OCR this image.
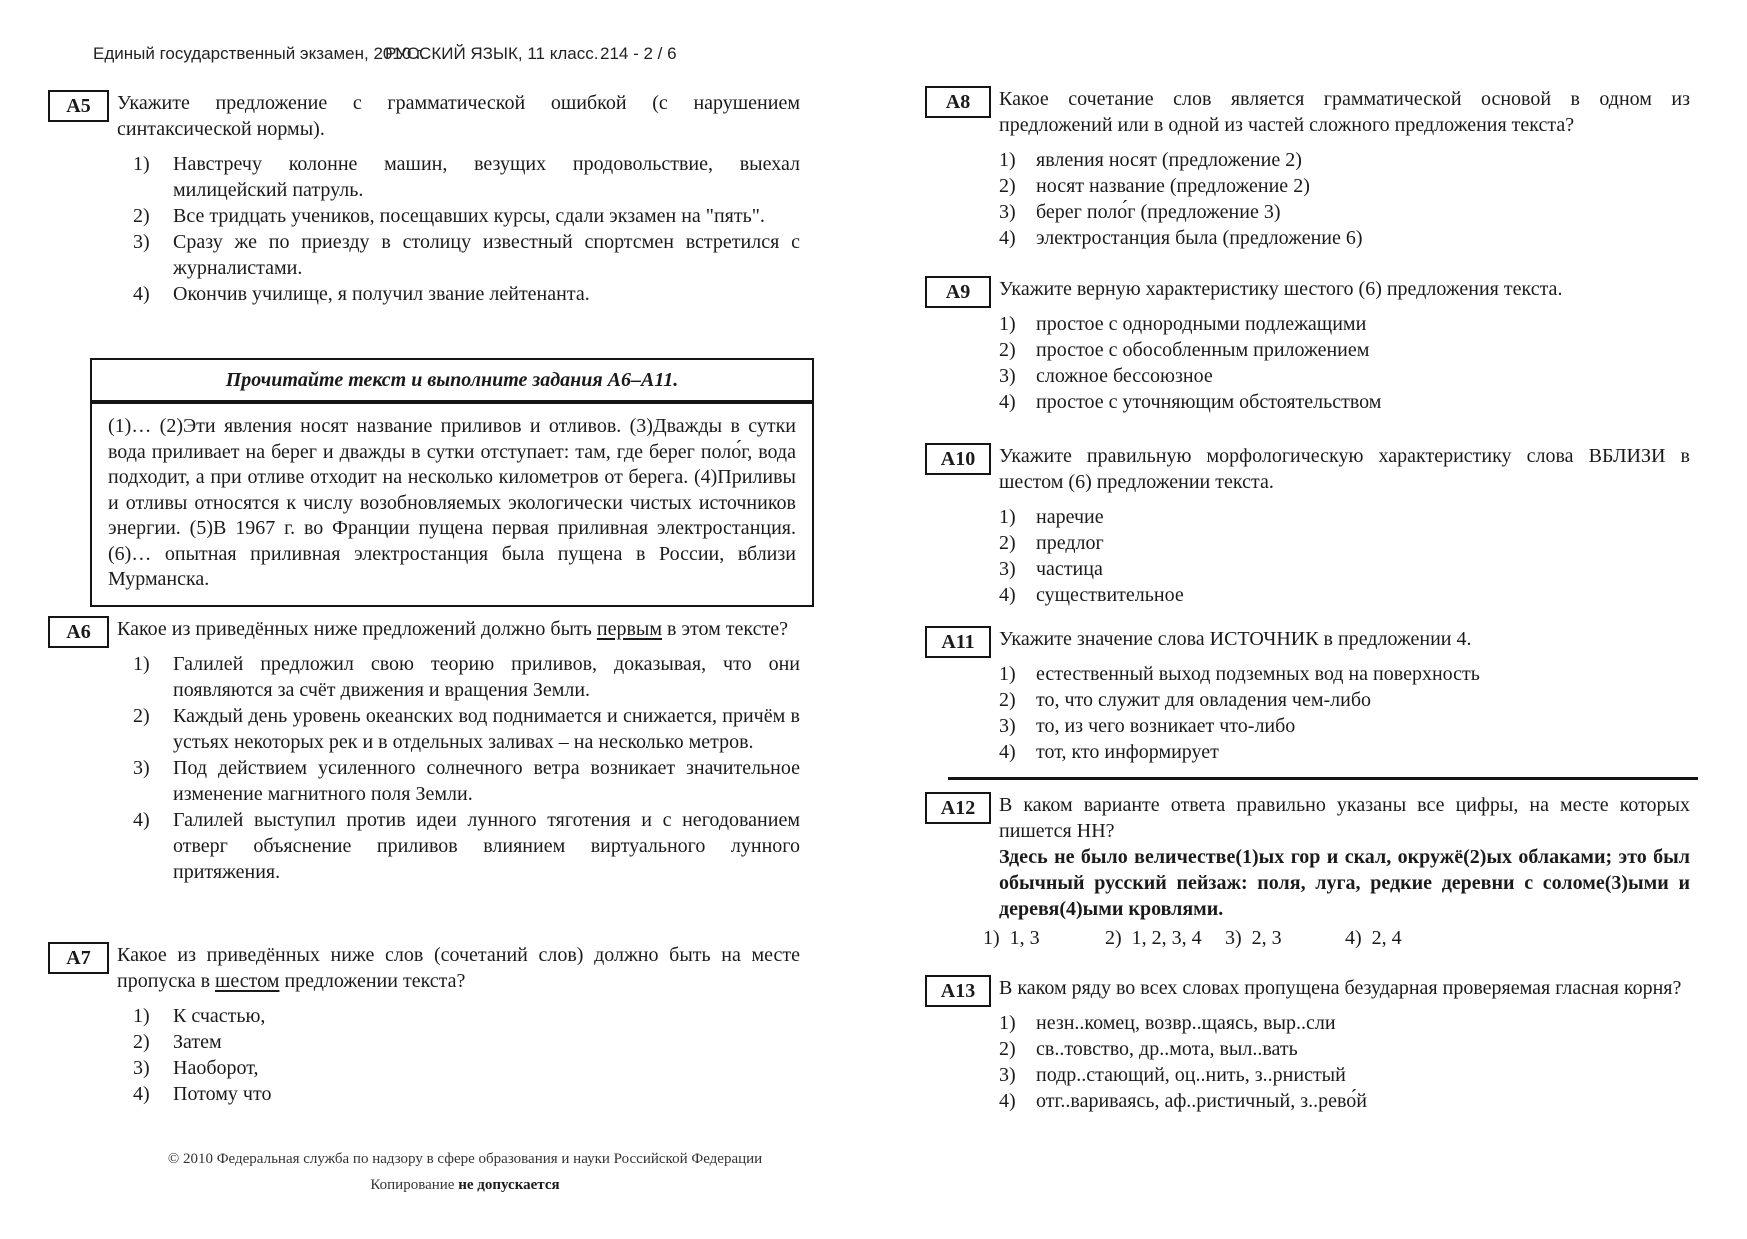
Единый государственный экзамен, 2010 г.
РУССКИЙ ЯЗЫК, 11 класс. 214 - 2 / 6
А5	Укажите предложение с грамматической ошибкой (с нарушением синтаксической нормы).

1)	Навстречу колонне машин, везущих продовольствие, выехал милицейский патруль.
2)	Все тридцать учеников, посещавших курсы, сдали экзамен на "пять".
3)	Сразу же по приезду в столицу известный спортсмен встретился с журналистами.
4)	Окончив училище, я получил звание лейтенанта.
Прочитайте текст и выполните задания А6–А11.
(1)… (2)Эти явления носят название приливов и отливов. (3)Дважды в сутки вода приливает на берег и дважды в сутки отступает: там, где берег поло́г, вода подходит, а при отливе отходит на несколько километров от берега. (4)Приливы и отливы относятся к числу возобновляемых экологически чистых источников энергии. (5)В 1967 г. во Франции пущена первая приливная электростанция. (6)… опытная приливная электростанция была пущена в России, вблизи Мурманска.
А6	Какое из приведённых ниже предложений должно быть первым в этом тексте?

1)	Галилей предложил свою теорию приливов, доказывая, что они появляются за счёт движения и вращения Земли.
2)	Каждый день уровень океанских вод поднимается и снижается, причём в устьях некоторых рек и в отдельных заливах – на несколько метров.
3)	Под действием усиленного солнечного ветра возникает значительное изменение магнитного поля Земли.
4)	Галилей выступил против идеи лунного тяготения и с негодованием отверг объяснение приливов влиянием виртуального лунного притяжения.
А7	Какое из приведённых ниже слов (сочетаний слов) должно быть на месте пропуска в шестом предложении текста?

1)	К счастью,
2)	Затем
3)	Наоборот,
4)	Потому что
А8	Какое сочетание слов является грамматической основой в одном из предложений или в одной из частей сложного предложения текста?

1)	явления носят (предложение 2)
2)	носят название (предложение 2)
3)	берег поло́г (предложение 3)
4)	электростанция была (предложение 6)
А9	Укажите верную характеристику шестого (6) предложения текста.

1)	простое с однородными подлежащими
2)	простое с обособленным приложением
3)	сложное бессоюзное
4)	простое с уточняющим обстоятельством
А10	Укажите правильную морфологическую характеристику слова ВБЛИЗИ в шестом (6) предложении текста.

1)	наречие
2)	предлог
3)	частица
4)	существительное
А11	Укажите значение слова ИСТОЧНИК в предложении 4.

1)	естественный выход подземных вод на поверхность
2)	то, что служит для овладения чем-либо
3)	то, из чего возникает что-либо
4)	тот, кто информирует
А12	В каком варианте ответа правильно указаны все цифры, на месте которых пишется НН?

Здесь не было величестве(1)ых гор и скал, окружё(2)ых облаками; это был обычный русский пейзаж: поля, луга, редкие деревни с соломе(3)ыми и деревя(4)ыми кровлями.

1) 1, 3	2) 1, 2, 3, 4 3) 2, 3	4) 2, 4
А13	В каком ряду во всех словах пропущена безударная проверяемая гласная корня?

1)	незн..комец, возвр..щаясь, выр..сли
2)	св..товство, др..мота, выл..вать
3)	подр..стающий, оц..нить, з..рнистый
4)	отг..вариваясь, аф..ристичный, з..рево́й
© 2010 Федеральная служба по надзору в сфере образования и науки Российской Федерации
Копирование не допускается
